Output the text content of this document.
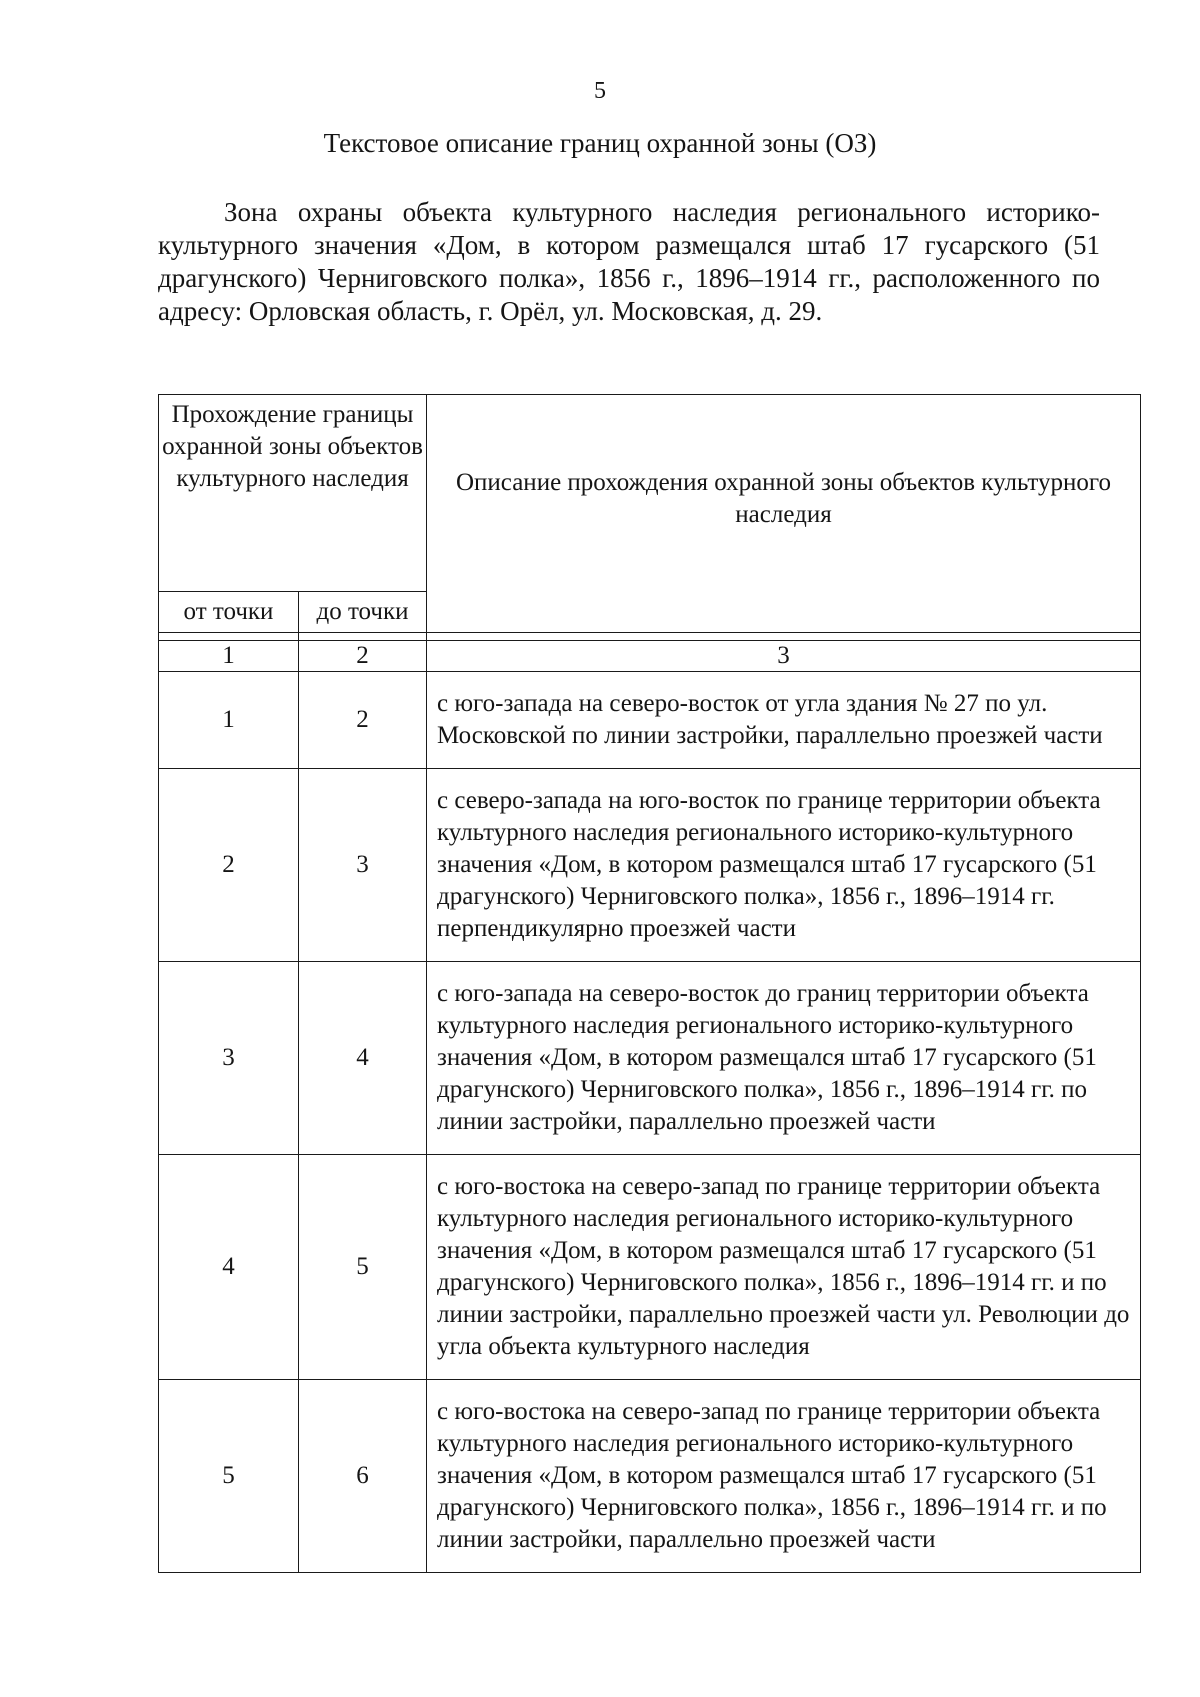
5
Текстовое описание границ охранной зоны (ОЗ)

Зона охраны объекта культурного наследия регионального историко-культурного значения «Дом, в котором размещался штаб 17 гусарского (51 драгунского) Черниговского полка», 1856 г., 1896–1914 гг., расположенного по адресу: Орловская область, г. Орёл, ул. Московская, д. 29.

Прохождение границы охранной зоны объектов культурного наследия		Описание прохождения охранной зоны объектов культурного наследия
от точки	до точки	

1	2	3
1	2	с юго-запада на северо-восток от угла здания № 27 по ул. Московской по линии застройки, параллельно проезжей части
2	3	с северо-запада на юго-восток по границе территории объекта культурного наследия регионального историко-культурного значения «Дом, в котором размещался штаб 17 гусарского (51 драгунского) Черниговского полка», 1856 г., 1896–1914 гг. перпендикулярно проезжей части
3	4	с юго-запада на северо-восток до границ территории объекта культурного наследия регионального историко-культурного значения «Дом, в котором размещался штаб 17 гусарского (51 драгунского) Черниговского полка», 1856 г., 1896–1914 гг. по линии застройки, параллельно проезжей части
4	5	с юго-востока на северо-запад по границе территории объекта культурного наследия регионального историко-культурного значения «Дом, в котором размещался штаб 17 гусарского (51 драгунского) Черниговского полка», 1856 г., 1896–1914 гг. и по линии застройки, параллельно проезжей части ул. Революции до угла объекта культурного наследия
5	6	с юго-востока на северо-запад по границе территории объекта культурного наследия регионального историко-культурного значения «Дом, в котором размещался штаб 17 гусарского (51 драгунского) Черниговского полка», 1856 г., 1896–1914 гг. и по линии застройки, параллельно проезжей части
